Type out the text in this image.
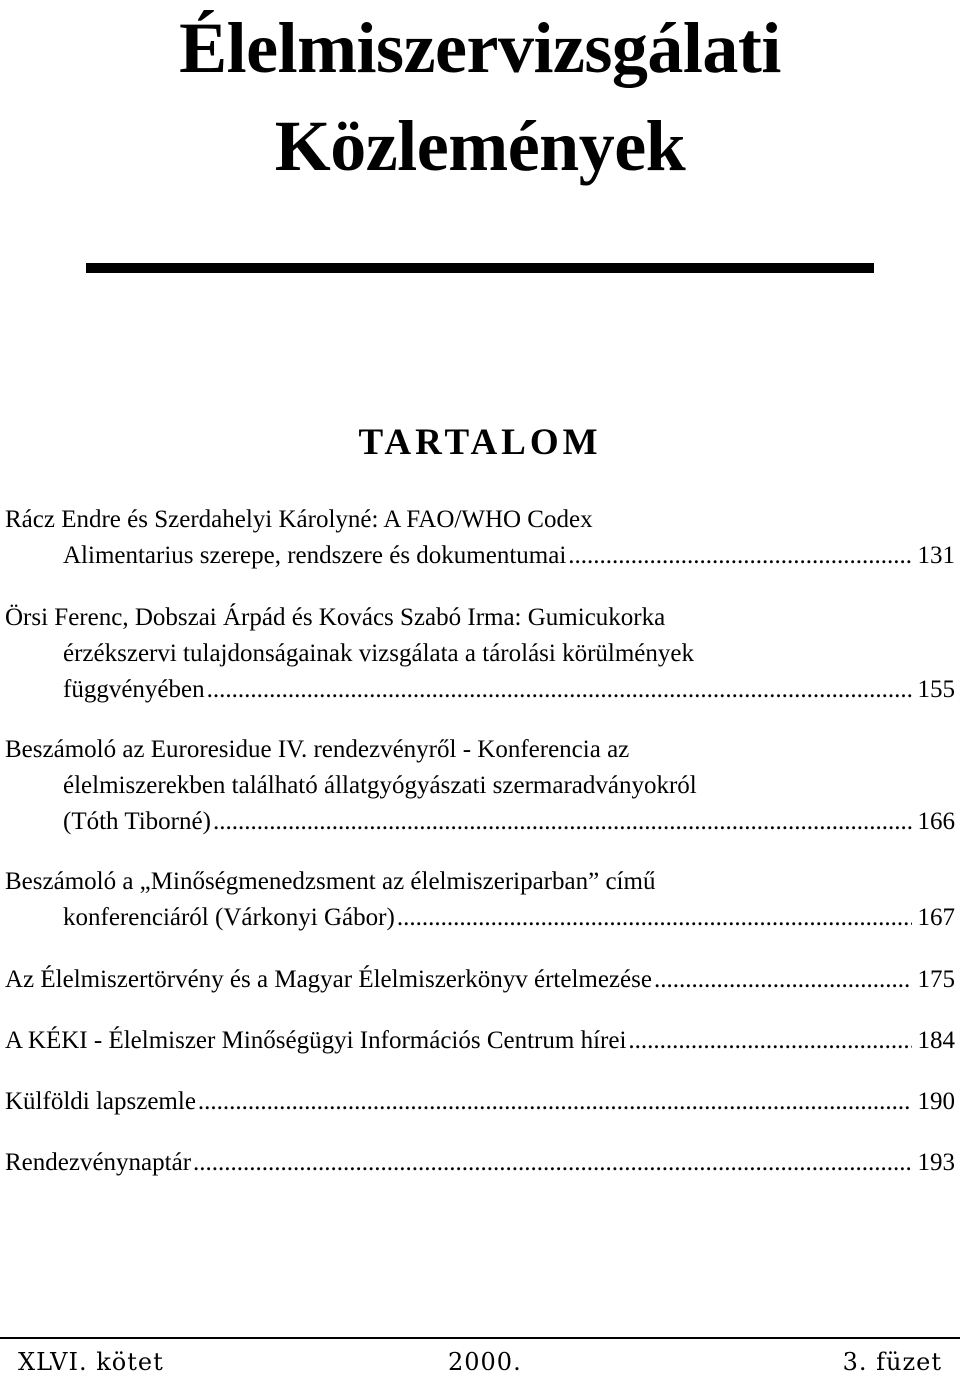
Élelmiszervizsgálati
Közlemények
TARTALOM
Rácz Endre és Szerdahelyi Károlyné: A FAO/WHO Codex
Alimentarius szerepe, rendszere és dokumentumai .....	131
Örsi Ferenc, Dobszai Árpád és Kovács Szabó Irma: Gumicukorka
érzékszervi tulajdonságainak vizsgálata a tárolási körülmények
függvényében .....	155
Beszámoló az Euroresidue IV. rendezvényről - Konferencia az
élelmiszerekben található állatgyógyászati szermaradványokról
(Tóth Tiborné) .....	166
Beszámoló a „Minőségmenedzsment az élelmiszeriparban” című
konferenciáról (Várkonyi Gábor) .....	167
Az Élelmiszertörvény és a Magyar Élelmiszerkönyv értelmezése .....	175
A KÉKI - Élelmiszer Minőségügyi Információs Centrum hírei .....	184
Külföldi lapszemle .....	190
Rendezvénynaptár .....	193
XLVI. kötet	2000.	3. füzet
